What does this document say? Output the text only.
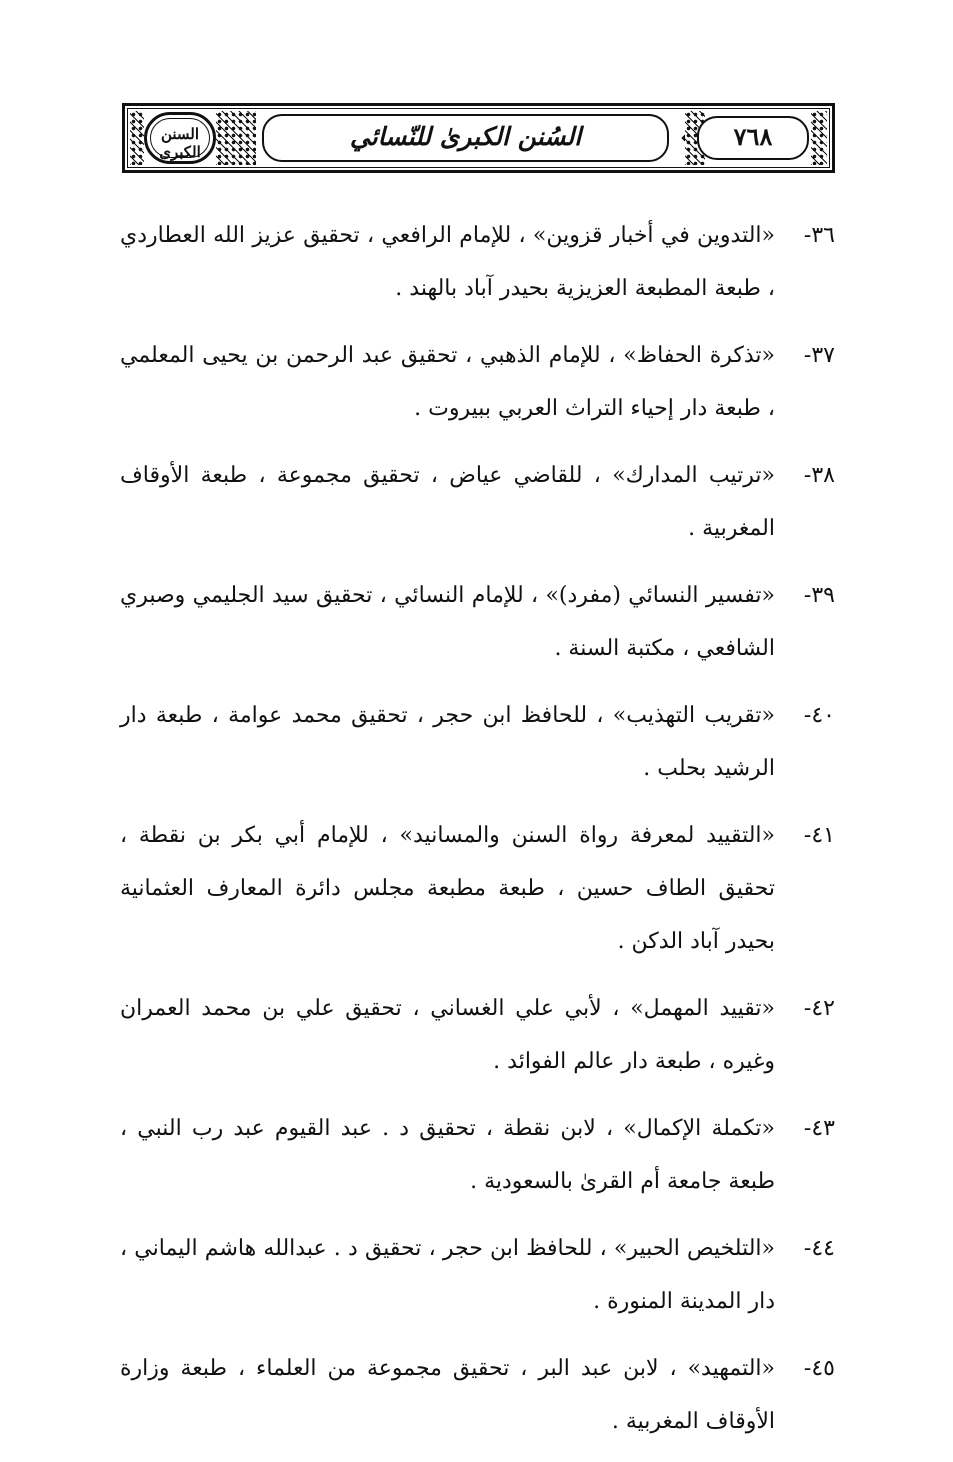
السنن الكبرى
السُنن الكبرىٰ للنّسائي	٧٦٨
٣٦-
«التدوين في أخبار قزوين» ، للإمام الرافعي ، تحقيق عزيز الله العطاردي ، طبعة المطبعة العزيزية بحيدر آباد بالهند .
٣٧-
«تذكرة الحفاظ» ، للإمام الذهبي ، تحقيق عبد الرحمن بن يحيى المعلمي ، طبعة دار إحياء التراث العربي ببيروت .
٣٨-
«ترتيب المدارك» ، للقاضي عياض ، تحقيق مجموعة ، طبعة الأوقاف المغربية .
٣٩-
«تفسير النسائي (مفرد)» ، للإمام النسائي ، تحقيق سيد الجليمي وصبري الشافعي ، مكتبة السنة .
٤٠-
«تقريب التهذيب» ، للحافظ ابن حجر ، تحقيق محمد عوامة ، طبعة دار الرشيد بحلب .
٤١-
«التقييد لمعرفة رواة السنن والمسانيد» ، للإمام أبي بكر بن نقطة ، تحقيق الطاف حسين ، طبعة مطبعة مجلس دائرة المعارف العثمانية بحيدر آباد الدكن .
٤٢-
«تقييد المهمل» ، لأبي علي الغساني ، تحقيق علي بن محمد العمران وغيره ، طبعة دار عالم الفوائد .
٤٣-
«تكملة الإكمال» ، لابن نقطة ، تحقيق د . عبد القيوم عبد رب النبي ، طبعة جامعة أم القرىٰ بالسعودية .
٤٤-
«التلخيص الحبير» ، للحافظ ابن حجر ، تحقيق د . عبدالله هاشم اليماني ، دار المدينة المنورة .
٤٥-
«التمهيد» ، لابن عبد البر ، تحقيق مجموعة من العلماء ، طبعة وزارة الأوقاف المغربية .
